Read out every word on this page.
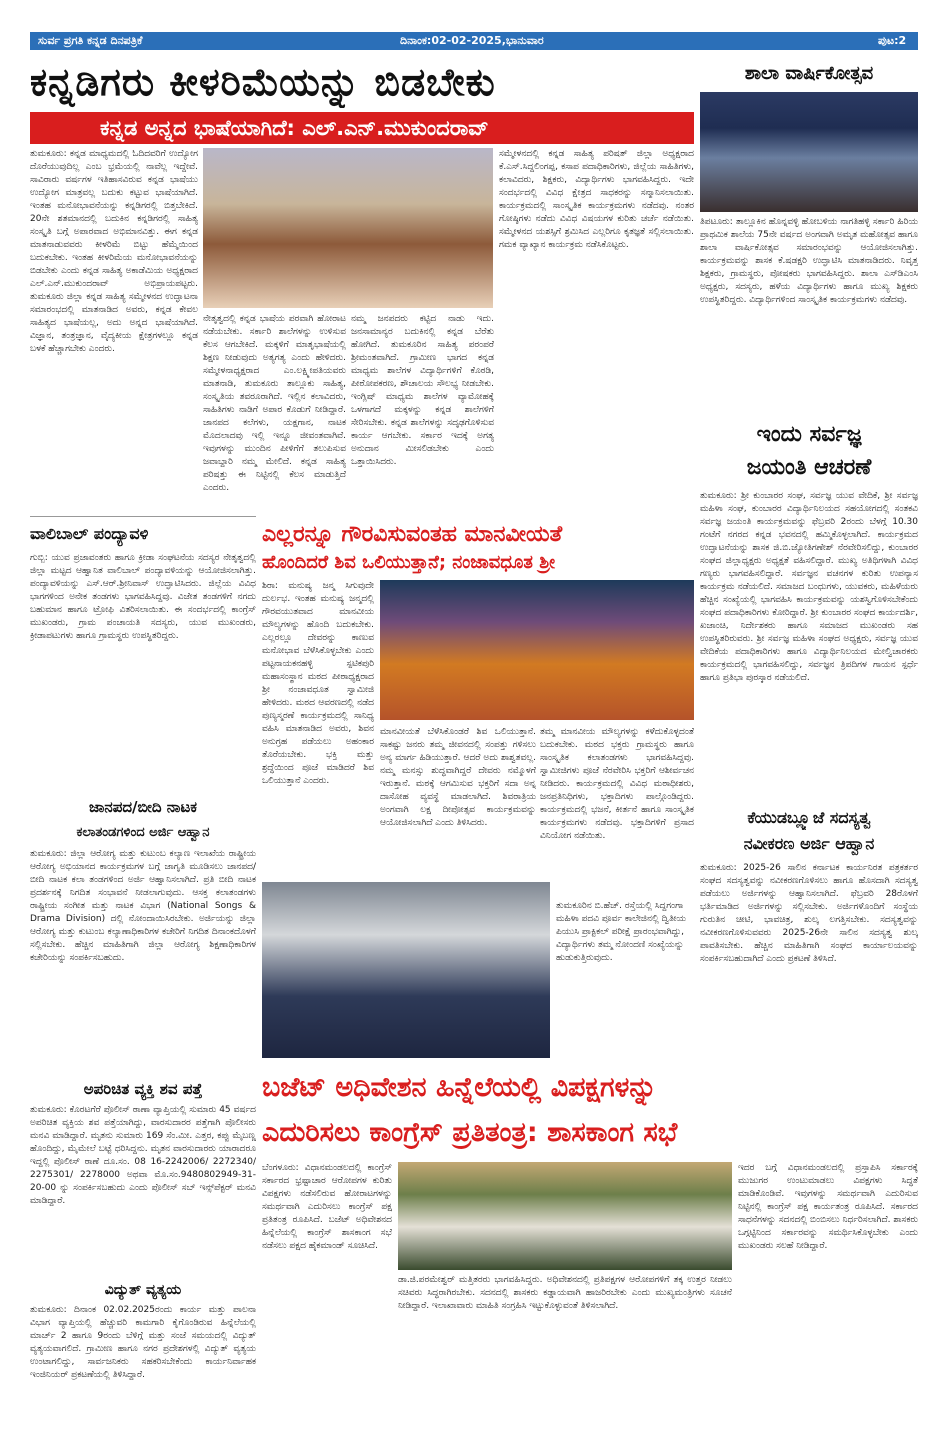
ಸುರ್ವ ಪ್ರಗತಿ ಕನ್ನಡ ದಿನಪತ್ರಿಕೆ	ದಿನಾಂಕ:02-02-2025,ಭಾನುವಾರ	ಪುಟ:2
ಕನ್ನಡಿಗರು ಕೀಳರಿಮೆಯನ್ನು ಬಿಡಬೇಕು
ಕನ್ನಡ ಅನ್ನದ ಭಾಷೆಯಾಗಿದೆ: ಎಲ್.ಎನ್.ಮುಕುಂದರಾವ್
ತುಮಕೂರು: ಕನ್ನಡ ಮಾಧ್ಯಮದಲ್ಲಿ ಓದಿದವರಿಗೆ ಉದ್ಯೋಗ ದೊರೆಯುವುದಿಲ್ಲ ಎಂಬ ಭ್ರಮೆಯಲ್ಲಿ ನಾವೆಲ್ಲ ಇದ್ದೇವೆ. ಸಾವಿರಾರು ವರ್ಷಗಳ ಇತಿಹಾಸವಿರುವ ಕನ್ನಡ ಭಾಷೆಯು ಉದ್ಯೋಗ ಮಾತ್ರವಲ್ಲ ಬದುಕು ಕಟ್ಟುವ ಭಾಷೆಯಾಗಿದೆ. ಇಂತಹ ಮನೋಭಾವನೆಯನ್ನು ಕನ್ನಡಿಗರಲ್ಲಿ ಬಿತ್ತಬೇಕಿದೆ. 20ನೇ ಶತಮಾನದಲ್ಲಿ ಬದುಕಿನ ಕನ್ನಡಿಗರಲ್ಲಿ ಸಾಹಿತ್ಯ ಸಂಸ್ಕೃತಿ ಬಗ್ಗೆ ಅಪಾರವಾದ ಅಭಿಮಾನವಿತ್ತು. ಈಗ ಕನ್ನಡ ಮಾತನಾಡುವವರು ಕೀಳರಿಮೆ ಬಿಟ್ಟು ಹೆಮ್ಮೆಯಿಂದ ಬದುಕಬೇಕು. ಇಂತಹ ಕೀಳರಿಮೆಯ ಮನೋಭಾವನೆಯನ್ನು ಬಿಡಬೇಕು ಎಂದು ಕನ್ನಡ ಸಾಹಿತ್ಯ ಅಕಾಡೆಮಿಯ ಅಧ್ಯಕ್ಷರಾದ ಎಲ್.ಎನ್.ಮುಕುಂದರಾವ್ ಅಭಿಪ್ರಾಯಪಟ್ಟರು. ತುಮಕೂರು ಜಿಲ್ಲಾ ಕನ್ನಡ ಸಾಹಿತ್ಯ ಸಮ್ಮೇಳನದ ಉದ್ಘಾಟನಾ ಸಮಾರಂಭದಲ್ಲಿ ಮಾತನಾಡಿದ ಅವರು, ಕನ್ನಡ ಕೇವಲ ಸಾಹಿತ್ಯದ ಭಾಷೆಯಲ್ಲ, ಅದು ಅನ್ನದ ಭಾಷೆಯಾಗಿದೆ. ವಿಜ್ಞಾನ, ತಂತ್ರಜ್ಞಾನ, ವೈದ್ಯಕೀಯ ಕ್ಷೇತ್ರಗಳಲ್ಲೂ ಕನ್ನಡ ಬಳಕೆ ಹೆಚ್ಚಾಗಬೇಕು ಎಂದರು.
ನೇತೃತ್ವದಲ್ಲಿ ಕನ್ನಡ ಭಾಷೆಯ ಪರವಾಗಿ ಹೋರಾಟ ನಡೆಯಬೇಕು. ಸರ್ಕಾರಿ ಶಾಲೆಗಳನ್ನು ಉಳಿಸುವ ಕೆಲಸ ಆಗಬೇಕಿದೆ. ಮಕ್ಕಳಿಗೆ ಮಾತೃಭಾಷೆಯಲ್ಲಿ ಶಿಕ್ಷಣ ನೀಡುವುದು ಅತ್ಯಗತ್ಯ ಎಂದು ಹೇಳಿದರು. ಸಮ್ಮೇಳನಾಧ್ಯಕ್ಷರಾದ ಎಂ.ಲಕ್ಷ್ಮೀಪತಿಯವರು ಮಾತನಾಡಿ, ತುಮಕೂರು ತಾಲ್ಲೂಕು ಸಾಹಿತ್ಯ, ಸಂಸ್ಕೃತಿಯ ತವರೂರಾಗಿದೆ. ಇಲ್ಲಿನ ಕಲಾವಿದರು, ಸಾಹಿತಿಗಳು ನಾಡಿಗೆ ಅಪಾರ ಕೊಡುಗೆ ನೀಡಿದ್ದಾರೆ. ಜಾನಪದ ಕಲೆಗಳು, ಯಕ್ಷಗಾನ, ನಾಟಕ ಮೊದಲಾದವು ಇಲ್ಲಿ ಇನ್ನೂ ಜೀವಂತವಾಗಿವೆ. ಇವುಗಳನ್ನು ಮುಂದಿನ ಪೀಳಿಗೆಗೆ ತಲುಪಿಸುವ ಜವಾಬ್ದಾರಿ ನಮ್ಮ ಮೇಲಿದೆ. ಕನ್ನಡ ಸಾಹಿತ್ಯ ಪರಿಷತ್ತು ಈ ನಿಟ್ಟಿನಲ್ಲಿ ಕೆಲಸ ಮಾಡುತ್ತಿದೆ ಎಂದರು.
ನಮ್ಮ ಜನಪದರು ಕಟ್ಟಿದ ನಾಡು ಇದು. ಜನಸಾಮಾನ್ಯರ ಬದುಕಿನಲ್ಲಿ ಕನ್ನಡ ಬೆರೆತು ಹೋಗಿದೆ. ತುಮಕೂರಿನ ಸಾಹಿತ್ಯ ಪರಂಪರೆ ಶ್ರೀಮಂತವಾಗಿದೆ. ಗ್ರಾಮೀಣ ಭಾಗದ ಕನ್ನಡ ಮಾಧ್ಯಮ ಶಾಲೆಗಳ ವಿದ್ಯಾರ್ಥಿಗಳಿಗೆ ಕೊಠಡಿ, ಪೀಠೋಪಕರಣ, ಶೌಚಾಲಯ ಸೌಲಭ್ಯ ನೀಡಬೇಕು. ಇಂಗ್ಲಿಷ್ ಮಾಧ್ಯಮ ಶಾಲೆಗಳ ವ್ಯಾಮೋಹಕ್ಕೆ ಒಳಗಾಗದೆ ಮಕ್ಕಳನ್ನು ಕನ್ನಡ ಶಾಲೆಗಳಿಗೆ ಸೇರಿಸಬೇಕು. ಕನ್ನಡ ಶಾಲೆಗಳನ್ನು ಸದೃಢಗೊಳಿಸುವ ಕಾರ್ಯ ಆಗಬೇಕು. ಸರ್ಕಾರ ಇದಕ್ಕೆ ಅಗತ್ಯ ಅನುದಾನ ಮೀಸಲಿಡಬೇಕು ಎಂದು ಒತ್ತಾಯಿಸಿದರು.
ಸಮ್ಮೇಳನದಲ್ಲಿ ಕನ್ನಡ ಸಾಹಿತ್ಯ ಪರಿಷತ್ ಜಿಲ್ಲಾ ಅಧ್ಯಕ್ಷರಾದ ಕೆ.ಎಸ್.ಸಿದ್ದಲಿಂಗಪ್ಪ, ಕಸಾಪ ಪದಾಧಿಕಾರಿಗಳು, ಜಿಲ್ಲೆಯ ಸಾಹಿತಿಗಳು, ಕಲಾವಿದರು, ಶಿಕ್ಷಕರು, ವಿದ್ಯಾರ್ಥಿಗಳು ಭಾಗವಹಿಸಿದ್ದರು. ಇದೇ ಸಂದರ್ಭದಲ್ಲಿ ವಿವಿಧ ಕ್ಷೇತ್ರದ ಸಾಧಕರನ್ನು ಸನ್ಮಾನಿಸಲಾಯಿತು. ಕಾರ್ಯಕ್ರಮದಲ್ಲಿ ಸಾಂಸ್ಕೃತಿಕ ಕಾರ್ಯಕ್ರಮಗಳು ನಡೆದವು. ನಂತರ ಗೋಷ್ಠಿಗಳು ನಡೆದು ವಿವಿಧ ವಿಷಯಗಳ ಕುರಿತು ಚರ್ಚೆ ನಡೆಯಿತು. ಸಮ್ಮೇಳನದ ಯಶಸ್ಸಿಗೆ ಶ್ರಮಿಸಿದ ಎಲ್ಲರಿಗೂ ಕೃತಜ್ಞತೆ ಸಲ್ಲಿಸಲಾಯಿತು. ಗಮಕ ವ್ಯಾಖ್ಯಾನ ಕಾರ್ಯಕ್ರಮ ನಡೆಸಿಕೊಟ್ಟರು.
ಶಾಲಾ ವಾರ್ಷಿಕೋತ್ಸವ
ತಿಪಟೂರು: ತಾಲ್ಲೂಕಿನ ಹೊನ್ನವಳ್ಳಿ ಹೋಬಳಿಯ ನಾಗತಿಹಳ್ಳಿ ಸರ್ಕಾರಿ ಹಿರಿಯ ಪ್ರಾಥಮಿಕ ಶಾಲೆಯ 75ನೇ ವರ್ಷದ ಅಂಗವಾಗಿ ಅಮೃತ ಮಹೋತ್ಸವ ಹಾಗೂ ಶಾಲಾ ವಾರ್ಷಿಕೋತ್ಸವ ಸಮಾರಂಭವನ್ನು ಆಯೋಜಿಸಲಾಗಿತ್ತು. ಕಾರ್ಯಕ್ರಮವನ್ನು ಶಾಸಕ ಕೆ.ಷಡಕ್ಷರಿ ಉದ್ಘಾಟಿಸಿ ಮಾತನಾಡಿದರು. ನಿವೃತ್ತ ಶಿಕ್ಷಕರು, ಗ್ರಾಮಸ್ಥರು, ಪೋಷಕರು ಭಾಗವಹಿಸಿದ್ದರು. ಶಾಲಾ ಎಸ್‌ಡಿಎಂಸಿ ಅಧ್ಯಕ್ಷರು, ಸದಸ್ಯರು, ಹಳೆಯ ವಿದ್ಯಾರ್ಥಿಗಳು ಹಾಗೂ ಮುಖ್ಯ ಶಿಕ್ಷಕರು ಉಪಸ್ಥಿತರಿದ್ದರು. ವಿದ್ಯಾರ್ಥಿಗಳಿಂದ ಸಾಂಸ್ಕೃತಿಕ ಕಾರ್ಯಕ್ರಮಗಳು ನಡೆದವು.
ಇಂದು ಸರ್ವಜ್ಞ
ಜಯಂತಿ ಆಚರಣೆ
ತುಮಕೂರು: ಶ್ರೀ ಕುಂಬಾರರ ಸಂಘ, ಸರ್ವಜ್ಞ ಯುವ ವೇದಿಕೆ, ಶ್ರೀ ಸರ್ವಜ್ಞ ಮಹಿಳಾ ಸಂಘ, ಕುಂಬಾರರ ವಿದ್ಯಾರ್ಥಿನಿಲಯದ ಸಹಯೋಗದಲ್ಲಿ ಸಂತಕವಿ ಸರ್ವಜ್ಞ ಜಯಂತಿ ಕಾರ್ಯಕ್ರಮವನ್ನು ಫೆಬ್ರವರಿ 2ರಂದು ಬೆಳಗ್ಗೆ 10.30 ಗಂಟೆಗೆ ನಗರದ ಕನ್ನಡ ಭವನದಲ್ಲಿ ಹಮ್ಮಿಕೊಳ್ಳಲಾಗಿದೆ. ಕಾರ್ಯಕ್ರಮದ ಉದ್ಘಾಟನೆಯನ್ನು ಶಾಸಕ ಜಿ.ಬಿ.ಜ್ಯೋತಿಗಣೇಶ್ ನೆರವೇರಿಸಲಿದ್ದು, ಕುಂಬಾರರ ಸಂಘದ ಜಿಲ್ಲಾಧ್ಯಕ್ಷರು ಅಧ್ಯಕ್ಷತೆ ವಹಿಸಲಿದ್ದಾರೆ. ಮುಖ್ಯ ಅತಿಥಿಗಳಾಗಿ ವಿವಿಧ ಗಣ್ಯರು ಭಾಗವಹಿಸಲಿದ್ದಾರೆ. ಸರ್ವಜ್ಞನ ವಚನಗಳ ಕುರಿತು ಉಪನ್ಯಾಸ ಕಾರ್ಯಕ್ರಮ ನಡೆಯಲಿದೆ. ಸಮಾಜದ ಬಂಧುಗಳು, ಯುವಕರು, ಮಹಿಳೆಯರು ಹೆಚ್ಚಿನ ಸಂಖ್ಯೆಯಲ್ಲಿ ಭಾಗವಹಿಸಿ ಕಾರ್ಯಕ್ರಮವನ್ನು ಯಶಸ್ವಿಗೊಳಿಸಬೇಕೆಂದು ಸಂಘದ ಪದಾಧಿಕಾರಿಗಳು ಕೋರಿದ್ದಾರೆ. ಶ್ರೀ ಕುಂಬಾರರ ಸಂಘದ ಕಾರ್ಯದರ್ಶಿ, ಖಜಾಂಚಿ, ನಿರ್ದೇಶಕರು ಹಾಗೂ ಸಮಾಜದ ಮುಖಂಡರು ಸಹ ಉಪಸ್ಥಿತರಿರುವರು. ಶ್ರೀ ಸರ್ವಜ್ಞ ಮಹಿಳಾ ಸಂಘದ ಅಧ್ಯಕ್ಷರು, ಸರ್ವಜ್ಞ ಯುವ ವೇದಿಕೆಯ ಪದಾಧಿಕಾರಿಗಳು ಹಾಗೂ ವಿದ್ಯಾರ್ಥಿನಿಲಯದ ಮೇಲ್ವಿಚಾರಕರು ಕಾರ್ಯಕ್ರಮದಲ್ಲಿ ಭಾಗವಹಿಸಲಿದ್ದು, ಸರ್ವಜ್ಞನ ತ್ರಿಪದಿಗಳ ಗಾಯನ ಸ್ಪರ್ಧೆ ಹಾಗೂ ಪ್ರತಿಭಾ ಪುರಸ್ಕಾರ ನಡೆಯಲಿದೆ.
ಕೆಯುಡಬ್ಲ್ಯೂಜೆ ಸದಸ್ಯತ್ವ
ನವೀಕರಣ ಅರ್ಜಿ ಆಹ್ವಾನ
ತುಮಕೂರು: 2025-26 ಸಾಲಿನ ಕರ್ನಾಟಕ ಕಾರ್ಯನಿರತ ಪತ್ರಕರ್ತರ ಸಂಘದ ಸದಸ್ಯತ್ವವನ್ನು ನವೀಕರಣಗೊಳಿಸಲು ಹಾಗೂ ಹೊಸದಾಗಿ ಸದಸ್ಯತ್ವ ಪಡೆಯಲು ಅರ್ಜಿಗಳನ್ನು ಆಹ್ವಾನಿಸಲಾಗಿದೆ. ಫೆಬ್ರವರಿ 28ರೊಳಗೆ ಭರ್ತಿಮಾಡಿದ ಅರ್ಜಿಗಳನ್ನು ಸಲ್ಲಿಸಬೇಕು. ಅರ್ಜಿಗಳೊಂದಿಗೆ ಸಂಸ್ಥೆಯ ಗುರುತಿನ ಚೀಟಿ, ಭಾವಚಿತ್ರ, ಶುಲ್ಕ ಲಗತ್ತಿಸಬೇಕು. ಸದಸ್ಯತ್ವವನ್ನು ನವೀಕರಣಗೊಳಿಸುವವರು 2025-26ನೇ ಸಾಲಿನ ಸದಸ್ಯತ್ವ ಶುಲ್ಕ ಪಾವತಿಸಬೇಕು. ಹೆಚ್ಚಿನ ಮಾಹಿತಿಗಾಗಿ ಸಂಘದ ಕಾರ್ಯಾಲಯವನ್ನು ಸಂಪರ್ಕಿಸಬಹುದಾಗಿದೆ ಎಂದು ಪ್ರಕಟಣೆ ತಿಳಿಸಿದೆ.
ವಾಲಿಬಾಲ್ ಪಂದ್ಯಾವಳಿ
ಗುಬ್ಬಿ: ಯುವ ಪ್ರಜಾವಂತರು ಹಾಗೂ ಕ್ರೀಡಾ ಸಂಘಟನೆಯ ಸದಸ್ಯರ ನೇತೃತ್ವದಲ್ಲಿ ಜಿಲ್ಲಾ ಮಟ್ಟದ ಆಹ್ವಾನಿತ ವಾಲಿಬಾಲ್ ಪಂದ್ಯಾವಳಿಯನ್ನು ಆಯೋಜಿಸಲಾಗಿತ್ತು. ಪಂದ್ಯಾವಳಿಯನ್ನು ಎಸ್.ಆರ್.ಶ್ರೀನಿವಾಸ್ ಉದ್ಘಾಟಿಸಿದರು. ಜಿಲ್ಲೆಯ ವಿವಿಧ ಭಾಗಗಳಿಂದ ಅನೇಕ ತಂಡಗಳು ಭಾಗವಹಿಸಿದ್ದವು. ವಿಜೇತ ತಂಡಗಳಿಗೆ ನಗದು ಬಹುಮಾನ ಹಾಗೂ ಟ್ರೋಫಿ ವಿತರಿಸಲಾಯಿತು. ಈ ಸಂದರ್ಭದಲ್ಲಿ ಕಾಂಗ್ರೆಸ್ ಮುಖಂಡರು, ಗ್ರಾಮ ಪಂಚಾಯತಿ ಸದಸ್ಯರು, ಯುವ ಮುಖಂಡರು, ಕ್ರೀಡಾಪಟುಗಳು ಹಾಗೂ ಗ್ರಾಮಸ್ಥರು ಉಪಸ್ಥಿತರಿದ್ದರು.
ಜಾನಪದ/ಬೀದಿ ನಾಟಕ
ಕಲಾತಂಡಗಳಿಂದ ಅರ್ಜಿ ಆಹ್ವಾನ
ತುಮಕೂರು: ಜಿಲ್ಲಾ ಆರೋಗ್ಯ ಮತ್ತು ಕುಟುಂಬ ಕಲ್ಯಾಣ ಇಲಾಖೆಯ ರಾಷ್ಟ್ರೀಯ ಆರೋಗ್ಯ ಅಭಿಯಾನದ ಕಾರ್ಯಕ್ರಮಗಳ ಬಗ್ಗೆ ಜಾಗೃತಿ ಮೂಡಿಸಲು ಜಾನಪದ/ಬೀದಿ ನಾಟಕ ಕಲಾ ತಂಡಗಳಿಂದ ಅರ್ಜಿ ಆಹ್ವಾನಿಸಲಾಗಿದೆ. ಪ್ರತಿ ಬೀದಿ ನಾಟಕ ಪ್ರದರ್ಶನಕ್ಕೆ ನಿಗದಿತ ಸಂಭಾವನೆ ನೀಡಲಾಗುವುದು. ಆಸಕ್ತ ಕಲಾತಂಡಗಳು ರಾಷ್ಟ್ರೀಯ ಸಂಗೀತ ಮತ್ತು ನಾಟಕ ವಿಭಾಗ (National Songs & Drama Division) ದಲ್ಲಿ ನೋಂದಾಯಿಸಿರಬೇಕು. ಅರ್ಜಿಯನ್ನು ಜಿಲ್ಲಾ ಆರೋಗ್ಯ ಮತ್ತು ಕುಟುಂಬ ಕಲ್ಯಾಣಾಧಿಕಾರಿಗಳ ಕಚೇರಿಗೆ ನಿಗದಿತ ದಿನಾಂಕದೊಳಗೆ ಸಲ್ಲಿಸಬೇಕು. ಹೆಚ್ಚಿನ ಮಾಹಿತಿಗಾಗಿ ಜಿಲ್ಲಾ ಆರೋಗ್ಯ ಶಿಕ್ಷಣಾಧಿಕಾರಿಗಳ ಕಚೇರಿಯನ್ನು ಸಂಪರ್ಕಿಸಬಹುದು.
ಅಪರಿಚಿತ ವ್ಯಕ್ತಿ ಶವ ಪತ್ತೆ
ತುಮಕೂರು: ಕೊರಟಗೆರೆ ಪೊಲೀಸ್ ಠಾಣಾ ವ್ಯಾಪ್ತಿಯಲ್ಲಿ ಸುಮಾರು 45 ವರ್ಷದ ಅಪರಿಚಿತ ವ್ಯಕ್ತಿಯ ಶವ ಪತ್ತೆಯಾಗಿದ್ದು, ವಾರಸುದಾರರ ಪತ್ತೆಗಾಗಿ ಪೊಲೀಸರು ಮನವಿ ಮಾಡಿದ್ದಾರೆ. ಮೃತನು ಸುಮಾರು 169 ಸೆಂ.ಮೀ. ಎತ್ತರ, ಕಪ್ಪು ಮೈಬಣ್ಣ ಹೊಂದಿದ್ದು, ಮೈಮೇಲೆ ಬಟ್ಟೆ ಧರಿಸಿದ್ದನು. ಮೃತನ ವಾರಸುದಾರರು ಯಾರಾದರೂ ಇದ್ದಲ್ಲಿ ಪೊಲೀಸ್ ಠಾಣೆ ದೂ.ಸಂ. 08 16-2242006/ 2272340/ 2275301/ 2278000 ಅಥವಾ ಮೊ.ಸಂ.9480802949-31-20-00 ನ್ನು ಸಂಪರ್ಕಿಸಬಹುದು ಎಂದು ಪೊಲೀಸ್ ಸಬ್ ಇನ್ಸ್‌ಪೆಕ್ಟರ್ ಮನವಿ ಮಾಡಿದ್ದಾರೆ.
ವಿದ್ಯುತ್ ವ್ಯತ್ಯಯ
ತುಮಕೂರು: ದಿನಾಂಕ 02.02.2025ರಂದು ಕಾರ್ಯ ಮತ್ತು ಪಾಲನಾ ವಿಭಾಗ ವ್ಯಾಪ್ತಿಯಲ್ಲಿ ಹೆಚ್ಚುವರಿ ಕಾಮಗಾರಿ ಕೈಗೊಂಡಿರುವ ಹಿನ್ನೆಲೆಯಲ್ಲಿ ಮಾರ್ಚ್ 2 ಹಾಗೂ 9ರಂದು ಬೆಳಿಗ್ಗೆ ಮತ್ತು ಸಂಜೆ ಸಮಯದಲ್ಲಿ ವಿದ್ಯುತ್ ವ್ಯತ್ಯಯವಾಗಲಿದೆ. ಗ್ರಾಮೀಣ ಹಾಗೂ ನಗರ ಪ್ರದೇಶಗಳಲ್ಲಿ ವಿದ್ಯುತ್ ವ್ಯತ್ಯಯ ಉಂಟಾಗಲಿದ್ದು, ಸಾರ್ವಜನಿಕರು ಸಹಕರಿಸಬೇಕೆಂದು ಕಾರ್ಯನಿರ್ವಾಹಕ ಇಂಜಿನಿಯರ್ ಪ್ರಕಟಣೆಯಲ್ಲಿ ತಿಳಿಸಿದ್ದಾರೆ.
ಎಲ್ಲರನ್ನೂ ಗೌರವಿಸುವಂತಹ ಮಾನವೀಯತೆ
ಹೊಂದಿದರೆ ಶಿವ ಒಲಿಯುತ್ತಾನೆ; ನಂಜಾವಧೂತ ಶ್ರೀ
ಶಿರಾ: ಮನುಷ್ಯ ಜನ್ಮ ಸಿಗುವುದೇ ದುರ್ಲಭ. ಇಂತಹ ಮನುಷ್ಯ ಜನ್ಮದಲ್ಲಿ ಗೌರವಯುತವಾದ ಮಾನವೀಯ ಮೌಲ್ಯಗಳನ್ನು ಹೊಂದಿ ಬದುಕಬೇಕು. ಎಲ್ಲರಲ್ಲೂ ದೇವರನ್ನು ಕಾಣುವ ಮನೋಭಾವ ಬೆಳೆಸಿಕೊಳ್ಳಬೇಕು ಎಂದು ಪಟ್ಟನಾಯಕನಹಳ್ಳಿ ಸ್ಪಟಿಕಪುರಿ ಮಹಾಸಂಸ್ಥಾನ ಮಠದ ಪೀಠಾಧ್ಯಕ್ಷರಾದ ಶ್ರೀ ನಂಜಾವಧೂತ ಸ್ವಾಮೀಜಿ ಹೇಳಿದರು. ಮಠದ ಆವರಣದಲ್ಲಿ ನಡೆದ ಪುಣ್ಯಸ್ಮರಣೆ ಕಾರ್ಯಕ್ರಮದಲ್ಲಿ ಸಾನಿಧ್ಯ ವಹಿಸಿ ಮಾತನಾಡಿದ ಅವರು, ಶಿವನ ಅನುಗ್ರಹ ಪಡೆಯಲು ಅಹಂಕಾರ ತೊರೆಯಬೇಕು. ಭಕ್ತಿ ಮತ್ತು ಶ್ರದ್ಧೆಯಿಂದ ಪೂಜೆ ಮಾಡಿದರೆ ಶಿವ ಒಲಿಯುತ್ತಾನೆ ಎಂದರು.
ಮಾನವೀಯತೆ ಬೆಳೆಸಿಕೊಂಡರೆ ಶಿವ ಒಲಿಯುತ್ತಾನೆ. ಸಾಕಷ್ಟು ಜನರು ತಮ್ಮ ಜೀವನದಲ್ಲಿ ಸಂಪತ್ತು ಗಳಿಸಲು ಅನ್ಯ ಮಾರ್ಗ ಹಿಡಿಯುತ್ತಾರೆ. ಆದರೆ ಅದು ಶಾಶ್ವತವಲ್ಲ. ನಮ್ಮ ಮನಸ್ಸು ಶುದ್ಧವಾಗಿದ್ದರೆ ದೇವರು ನಮ್ಮೊಳಗೆ ಇರುತ್ತಾನೆ. ಮಠಕ್ಕೆ ಆಗಮಿಸುವ ಭಕ್ತರಿಗೆ ಸದಾ ಅನ್ನ ದಾಸೋಹ ವ್ಯವಸ್ಥೆ ಮಾಡಲಾಗಿದೆ. ಶಿವರಾತ್ರಿಯ ಅಂಗವಾಗಿ ಲಕ್ಷ ದೀಪೋತ್ಸವ ಕಾರ್ಯಕ್ರಮವನ್ನು ಆಯೋಜಿಸಲಾಗಿದೆ ಎಂದು ತಿಳಿಸಿದರು.
ತಮ್ಮ ಮಾನವೀಯ ಮೌಲ್ಯಗಳನ್ನು ಕಳೆದುಕೊಳ್ಳದಂತೆ ಬದುಕಬೇಕು. ಮಠದ ಭಕ್ತರು ಗ್ರಾಮಸ್ಥರು ಹಾಗೂ ಸಾಂಸ್ಕೃತಿಕ ಕಲಾತಂಡಗಳು ಭಾಗವಹಿಸಿದ್ದವು. ಸ್ವಾಮೀಜಿಗಳು ಪೂಜೆ ನೆರವೇರಿಸಿ ಭಕ್ತರಿಗೆ ಆಶೀರ್ವಚನ ನೀಡಿದರು. ಕಾರ್ಯಕ್ರಮದಲ್ಲಿ ವಿವಿಧ ಮಠಾಧೀಶರು, ಜನಪ್ರತಿನಿಧಿಗಳು, ಭಕ್ತಾದಿಗಳು ಪಾಲ್ಗೊಂಡಿದ್ದರು. ಕಾರ್ಯಕ್ರಮದಲ್ಲಿ ಭಜನೆ, ಕೀರ್ತನೆ ಹಾಗೂ ಸಾಂಸ್ಕೃತಿಕ ಕಾರ್ಯಕ್ರಮಗಳು ನಡೆದವು. ಭಕ್ತಾದಿಗಳಿಗೆ ಪ್ರಸಾದ ವಿನಿಯೋಗ ನಡೆಯಿತು.
ತುಮಕೂರಿನ ಬಿ.ಹೆಚ್. ರಸ್ತೆಯಲ್ಲಿ ಸಿದ್ದಗಂಗಾ ಮಹಿಳಾ ಪದವಿ ಪೂರ್ವ ಕಾಲೇಜಿನಲ್ಲಿ ದ್ವಿತೀಯ ಪಿಯುಸಿ ಪ್ರಾಕ್ಟಿಕಲ್ ಪರೀಕ್ಷೆ ಪ್ರಾರಂಭವಾಗಿದ್ದು, ವಿದ್ಯಾರ್ಥಿಗಳು ತಮ್ಮ ನೋಂದಣಿ ಸಂಖ್ಯೆಯನ್ನು ಹುಡುಕುತ್ತಿರುವುದು.
ಬಜೆಟ್ ಅಧಿವೇಶನ ಹಿನ್ನೆಲೆಯಲ್ಲಿ ವಿಪಕ್ಷಗಳನ್ನು
ಎದುರಿಸಲು ಕಾಂಗ್ರೆಸ್ ಪ್ರತಿತಂತ್ರ: ಶಾಸಕಾಂಗ ಸಭೆ
ಬೆಂಗಳೂರು: ವಿಧಾನಮಂಡಲದಲ್ಲಿ ಕಾಂಗ್ರೆಸ್ ಸರ್ಕಾರದ ಭ್ರಷ್ಟಾಚಾರ ಆರೋಪಗಳ ಕುರಿತು ವಿಪಕ್ಷಗಳು ನಡೆಸಲಿರುವ ಹೋರಾಟಗಳನ್ನು ಸಮರ್ಥವಾಗಿ ಎದುರಿಸಲು ಕಾಂಗ್ರೆಸ್ ಪಕ್ಷ ಪ್ರತಿತಂತ್ರ ರೂಪಿಸಿದೆ. ಬಜೆಟ್ ಅಧಿವೇಶನದ ಹಿನ್ನೆಲೆಯಲ್ಲಿ ಕಾಂಗ್ರೆಸ್ ಶಾಸಕಾಂಗ ಸಭೆ ನಡೆಸಲು ಪಕ್ಷದ ಹೈಕಮಾಂಡ್ ಸೂಚಿಸಿದೆ.
ಡಾ.ಜಿ.ಪರಮೇಶ್ವರ್ ಮತ್ತಿತರರು ಭಾಗವಹಿಸಿದ್ದರು. ಅಧಿವೇಶನದಲ್ಲಿ ಪ್ರತಿಪಕ್ಷಗಳ ಆರೋಪಗಳಿಗೆ ತಕ್ಕ ಉತ್ತರ ನೀಡಲು ಸಚಿವರು ಸಿದ್ಧರಾಗಿರಬೇಕು. ಸದನದಲ್ಲಿ ಶಾಸಕರು ಕಡ್ಡಾಯವಾಗಿ ಹಾಜರಿರಬೇಕು ಎಂದು ಮುಖ್ಯಮಂತ್ರಿಗಳು ಸೂಚನೆ ನೀಡಿದ್ದಾರೆ. ಇಲಾಖಾವಾರು ಮಾಹಿತಿ ಸಂಗ್ರಹಿಸಿ ಇಟ್ಟುಕೊಳ್ಳುವಂತೆ ತಿಳಿಸಲಾಗಿದೆ.
ಇದರ ಬಗ್ಗೆ ವಿಧಾನಮಂಡಲದಲ್ಲಿ ಪ್ರಸ್ತಾಪಿಸಿ ಸರ್ಕಾರಕ್ಕೆ ಮುಜುಗರ ಉಂಟುಮಾಡಲು ವಿಪಕ್ಷಗಳು ಸಿದ್ಧತೆ ಮಾಡಿಕೊಂಡಿವೆ. ಇವುಗಳನ್ನು ಸಮರ್ಥವಾಗಿ ಎದುರಿಸುವ ನಿಟ್ಟಿನಲ್ಲಿ ಕಾಂಗ್ರೆಸ್ ಪಕ್ಷ ಕಾರ್ಯತಂತ್ರ ರೂಪಿಸಿದೆ. ಸರ್ಕಾರದ ಸಾಧನೆಗಳನ್ನು ಸದನದಲ್ಲಿ ಬಿಂಬಿಸಲು ನಿರ್ಧರಿಸಲಾಗಿದೆ. ಶಾಸಕರು ಒಗ್ಗಟ್ಟಿನಿಂದ ಸರ್ಕಾರವನ್ನು ಸಮರ್ಥಿಸಿಕೊಳ್ಳಬೇಕು ಎಂದು ಮುಖಂಡರು ಸಲಹೆ ನೀಡಿದ್ದಾರೆ.
